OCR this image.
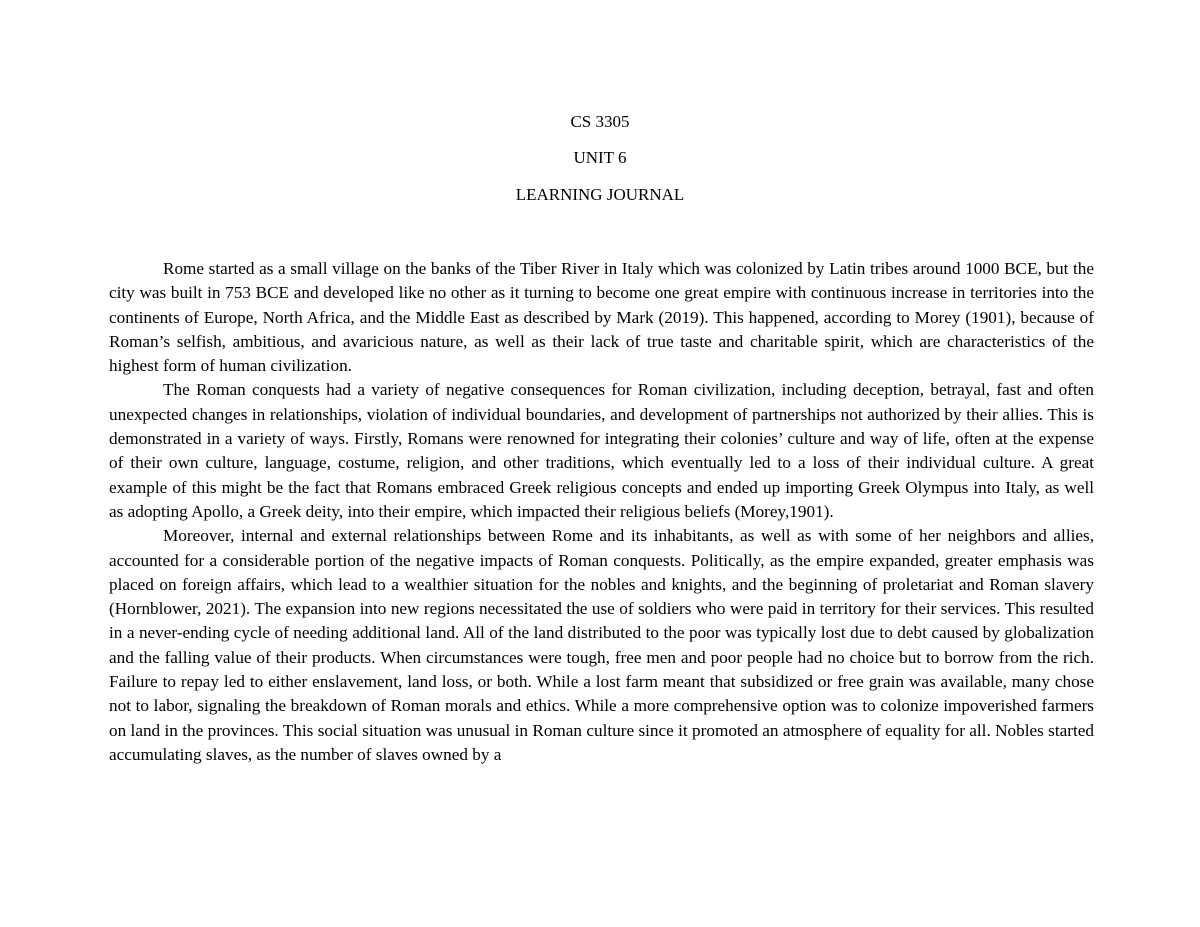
CS 3305
UNIT 6
LEARNING JOURNAL

Rome started as a small village on the banks of the Tiber River in Italy which was colonized by Latin tribes around 1000 BCE, but the city was built in 753 BCE and developed like no other as it turning to become one great empire with continuous increase in territories into the continents of Europe, North Africa, and the Middle East as described by Mark (2019). This happened, according to Morey (1901), because of Roman’s selfish, ambitious, and avaricious nature, as well as their lack of true taste and charitable spirit, which are characteristics of the highest form of human civilization.

The Roman conquests had a variety of negative consequences for Roman civilization, including deception, betrayal, fast and often unexpected changes in relationships, violation of individual boundaries, and development of partnerships not authorized by their allies. This is demonstrated in a variety of ways. Firstly, Romans were renowned for integrating their colonies’ culture and way of life, often at the expense of their own culture, language, costume, religion, and other traditions, which eventually led to a loss of their individual culture. A great example of this might be the fact that Romans embraced Greek religious concepts and ended up importing Greek Olympus into Italy, as well as adopting Apollo, a Greek deity, into their empire, which impacted their religious beliefs (Morey,1901).

Moreover, internal and external relationships between Rome and its inhabitants, as well as with some of her neighbors and allies, accounted for a considerable portion of the negative impacts of Roman conquests. Politically, as the empire expanded, greater emphasis was placed on foreign affairs, which lead to a wealthier situation for the nobles and knights, and the beginning of proletariat and Roman slavery (Hornblower, 2021). The expansion into new regions necessitated the use of soldiers who were paid in territory for their services. This resulted in a never-ending cycle of needing additional land. All of the land distributed to the poor was typically lost due to debt caused by globalization and the falling value of their products. When circumstances were tough, free men and poor people had no choice but to borrow from the rich. Failure to repay led to either enslavement, land loss, or both. While a lost farm meant that subsidized or free grain was available, many chose not to labor, signaling the breakdown of Roman morals and ethics. While a more comprehensive option was to colonize impoverished farmers on land in the provinces. This social situation was unusual in Roman culture since it promoted an atmosphere of equality for all. Nobles started accumulating slaves, as the number of slaves owned by a
